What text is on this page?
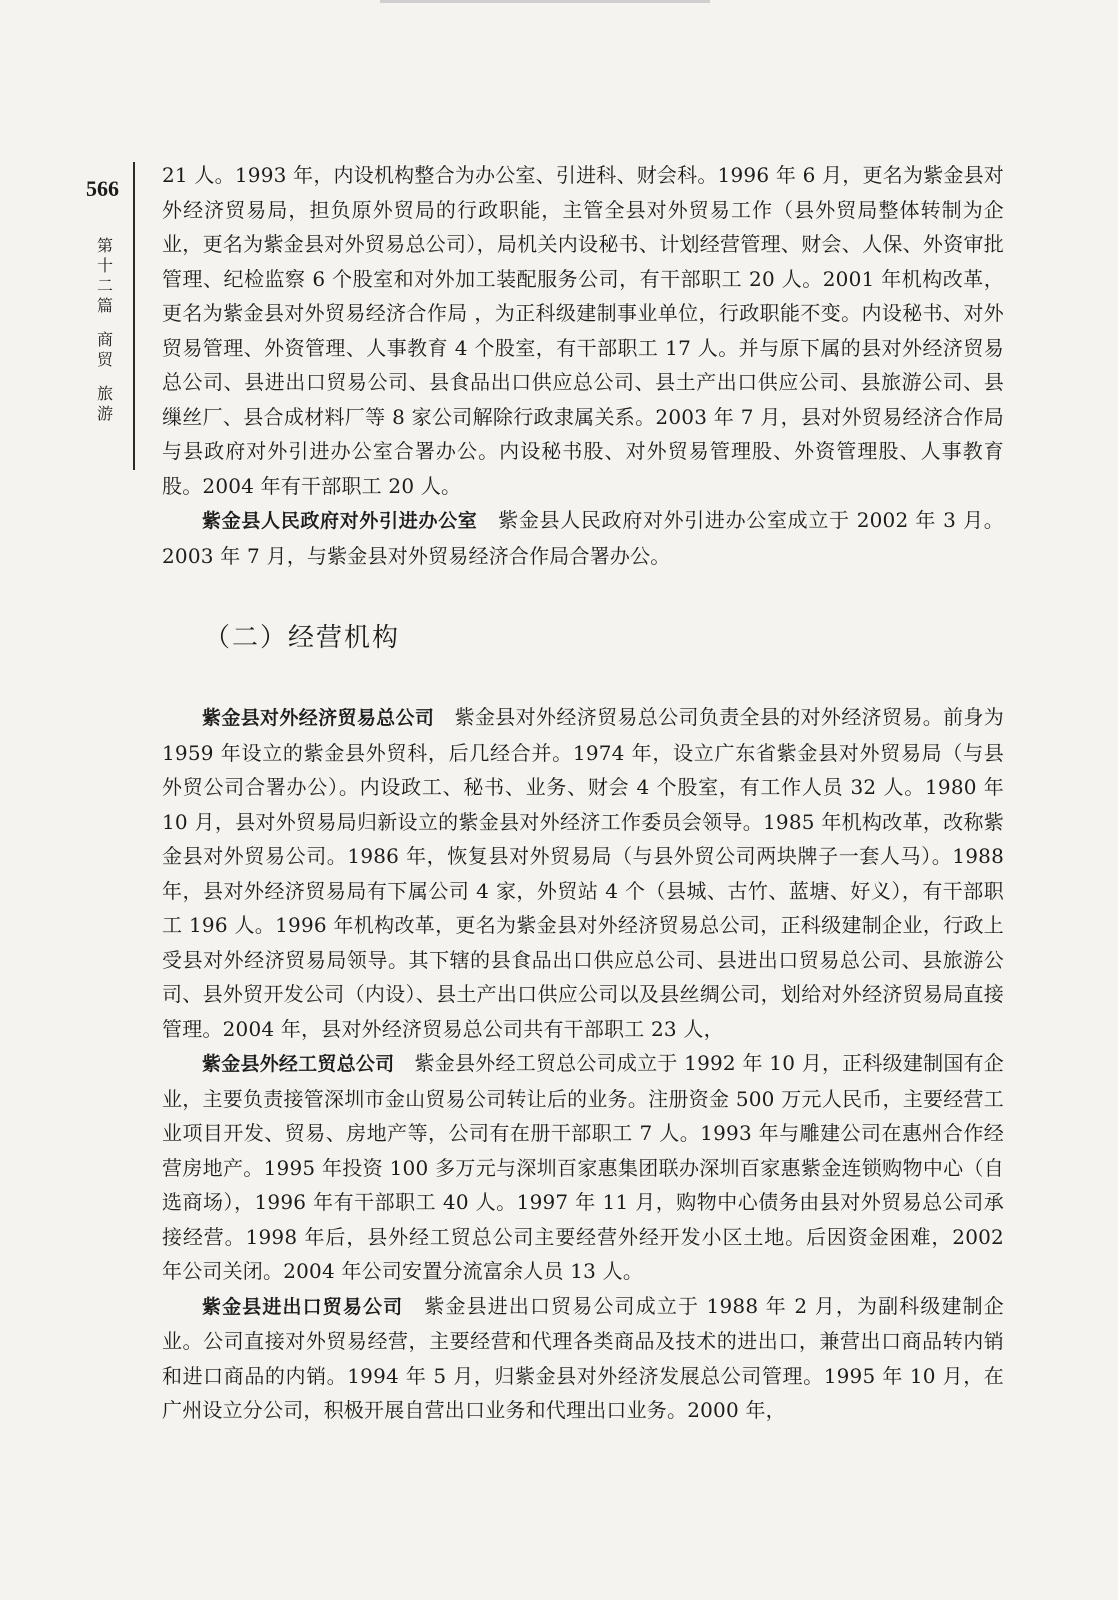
566
第
十
二
篇
商
贸
旅
游

21 人。1993 年，内设机构整合为办公室、引进科、财会科。1996 年 6 月，更名为紫金县对外经济贸易局，担负原外贸局的行政职能，主管全县对外贸易工作（县外贸局整体转制为企业，更名为紫金县对外贸易总公司），局机关内设秘书、计划经营管理、财会、人保、外资审批管理、纪检监察 6 个股室和对外加工装配服务公司，有干部职工 20 人。2001 年机构改革，更名为紫金县对外贸易经济合作局 ，为正科级建制事业单位，行政职能不变。内设秘书、对外贸易管理、外资管理、人事教育 4 个股室，有干部职工 17 人。并与原下属的县对外经济贸易总公司、县进出口贸易公司、县食品出口供应总公司、县土产出口供应公司、县旅游公司、县缫丝厂、县合成材料厂等 8 家公司解除行政隶属关系。2003 年 7 月，县对外贸易经济合作局与县政府对外引进办公室合署办公。内设秘书股、对外贸易管理股、外资管理股、人事教育股。2004 年有干部职工 20 人。

紫金县人民政府对外引进办公室　紫金县人民政府对外引进办公室成立于 2002 年 3 月。2003 年 7 月，与紫金县对外贸易经济合作局合署办公。

（二）经营机构

紫金县对外经济贸易总公司　紫金县对外经济贸易总公司负责全县的对外经济贸易。前身为 1959 年设立的紫金县外贸科，后几经合并。1974 年，设立广东省紫金县对外贸易局（与县外贸公司合署办公）。内设政工、秘书、业务、财会 4 个股室，有工作人员 32 人。1980 年 10 月，县对外贸易局归新设立的紫金县对外经济工作委员会领导。1985 年机构改革，改称紫金县对外贸易公司。1986 年，恢复县对外贸易局（与县外贸公司两块牌子一套人马）。1988 年，县对外经济贸易局有下属公司 4 家，外贸站 4 个（县城、古竹、蓝塘、好义），有干部职工 196 人。1996 年机构改革，更名为紫金县对外经济贸易总公司，正科级建制企业，行政上受县对外经济贸易局领导。其下辖的县食品出口供应总公司、县进出口贸易总公司、县旅游公司、县外贸开发公司（内设）、县土产出口供应公司以及县丝绸公司，划给对外经济贸易局直接管理。2004 年，县对外经济贸易总公司共有干部职工 23 人，

紫金县外经工贸总公司　紫金县外经工贸总公司成立于 1992 年 10 月，正科级建制国有企业，主要负责接管深圳市金山贸易公司转让后的业务。注册资金 500 万元人民币，主要经营工业项目开发、贸易、房地产等，公司有在册干部职工 7 人。1993 年与雕建公司在惠州合作经营房地产。1995 年投资 100 多万元与深圳百家惠集团联办深圳百家惠紫金连锁购物中心（自选商场），1996 年有干部职工 40 人。1997 年 11 月，购物中心债务由县对外贸易总公司承接经营。1998 年后，县外经工贸总公司主要经营外经开发小区土地。后因资金困难，2002 年公司关闭。2004 年公司安置分流富余人员 13 人。

紫金县进出口贸易公司　紫金县进出口贸易公司成立于 1988 年 2 月，为副科级建制企业。公司直接对外贸易经营，主要经营和代理各类商品及技术的进出口，兼营出口商品转内销和进口商品的内销。1994 年 5 月，归紫金县对外经济发展总公司管理。1995 年 10 月，在广州设立分公司，积极开展自营出口业务和代理出口业务。2000 年，
